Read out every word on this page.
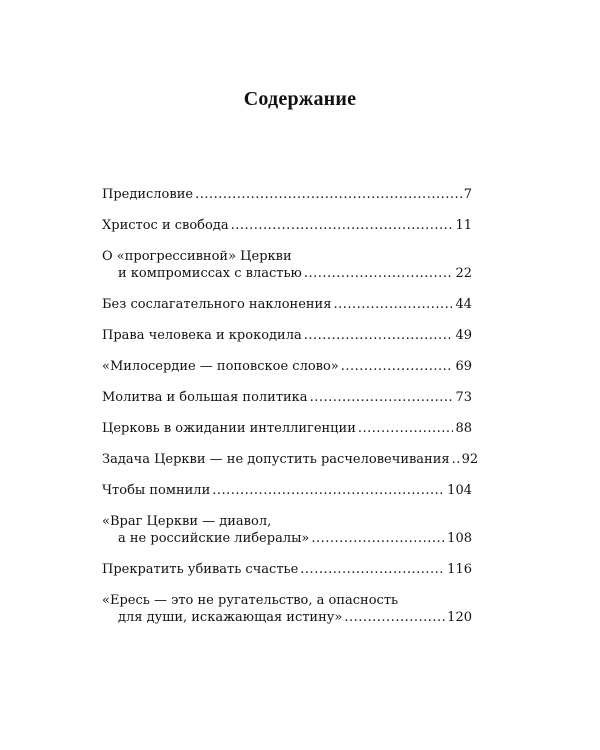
Содержание
Предисловие .....	7
Христос и свобода .....	11
О «прогрессивной» Церкви
и компромиссах с властью .....	22
Без сослагательного наклонения .....	44
Права человека и крокодила .....	49
«Милосердие — поповское слово» .....	69
Молитва и большая политика .....	73
Церковь в ожидании интеллигенции .....	88
Задача Церкви — не допустить расчеловечивания ..... 92
Чтобы помнили .....	104
«Враг Церкви — диавол,
а не российские либералы» .....	108
Прекратить убивать счастье .....	116
«Ересь — это не ругательство, а опасность
для души, искажающая истину» .....	120
